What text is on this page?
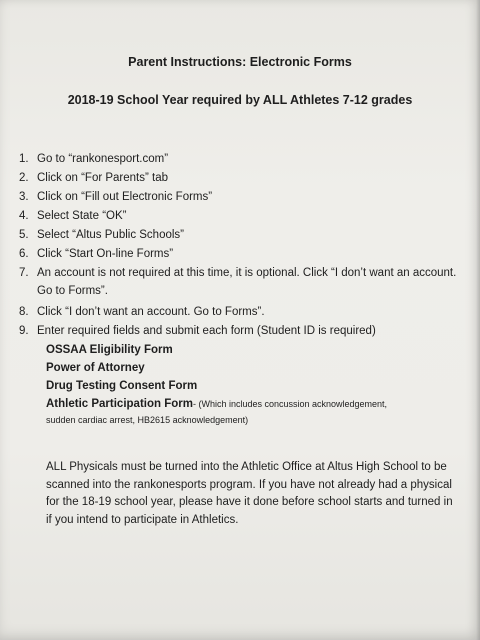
Parent Instructions: Electronic Forms
2018-19 School Year required by ALL Athletes 7-12 grades
1. Go to “rankonesport.com”
2. Click on “For Parents” tab
3. Click on “Fill out Electronic Forms”
4. Select State “OK”
5. Select “Altus Public Schools”
6. Click “Start On-line Forms”
7. An account is not required at this time, it is optional. Click “I don’t want an account. Go to Forms”.
8. Click “I don’t want an account. Go to Forms”.
9. Enter required fields and submit each form (Student ID is required)
OSSAA Eligibility Form
Power of Attorney
Drug Testing Consent Form
Athletic Participation Form- (Which includes concussion acknowledgement,
sudden cardiac arrest, HB2615 acknowledgement)
ALL Physicals must be turned into the Athletic Office at Altus High School to be scanned into the rankonesports program. If you have not already had a physical for the 18-19 school year, please have it done before school starts and turned in if you intend to participate in Athletics.
